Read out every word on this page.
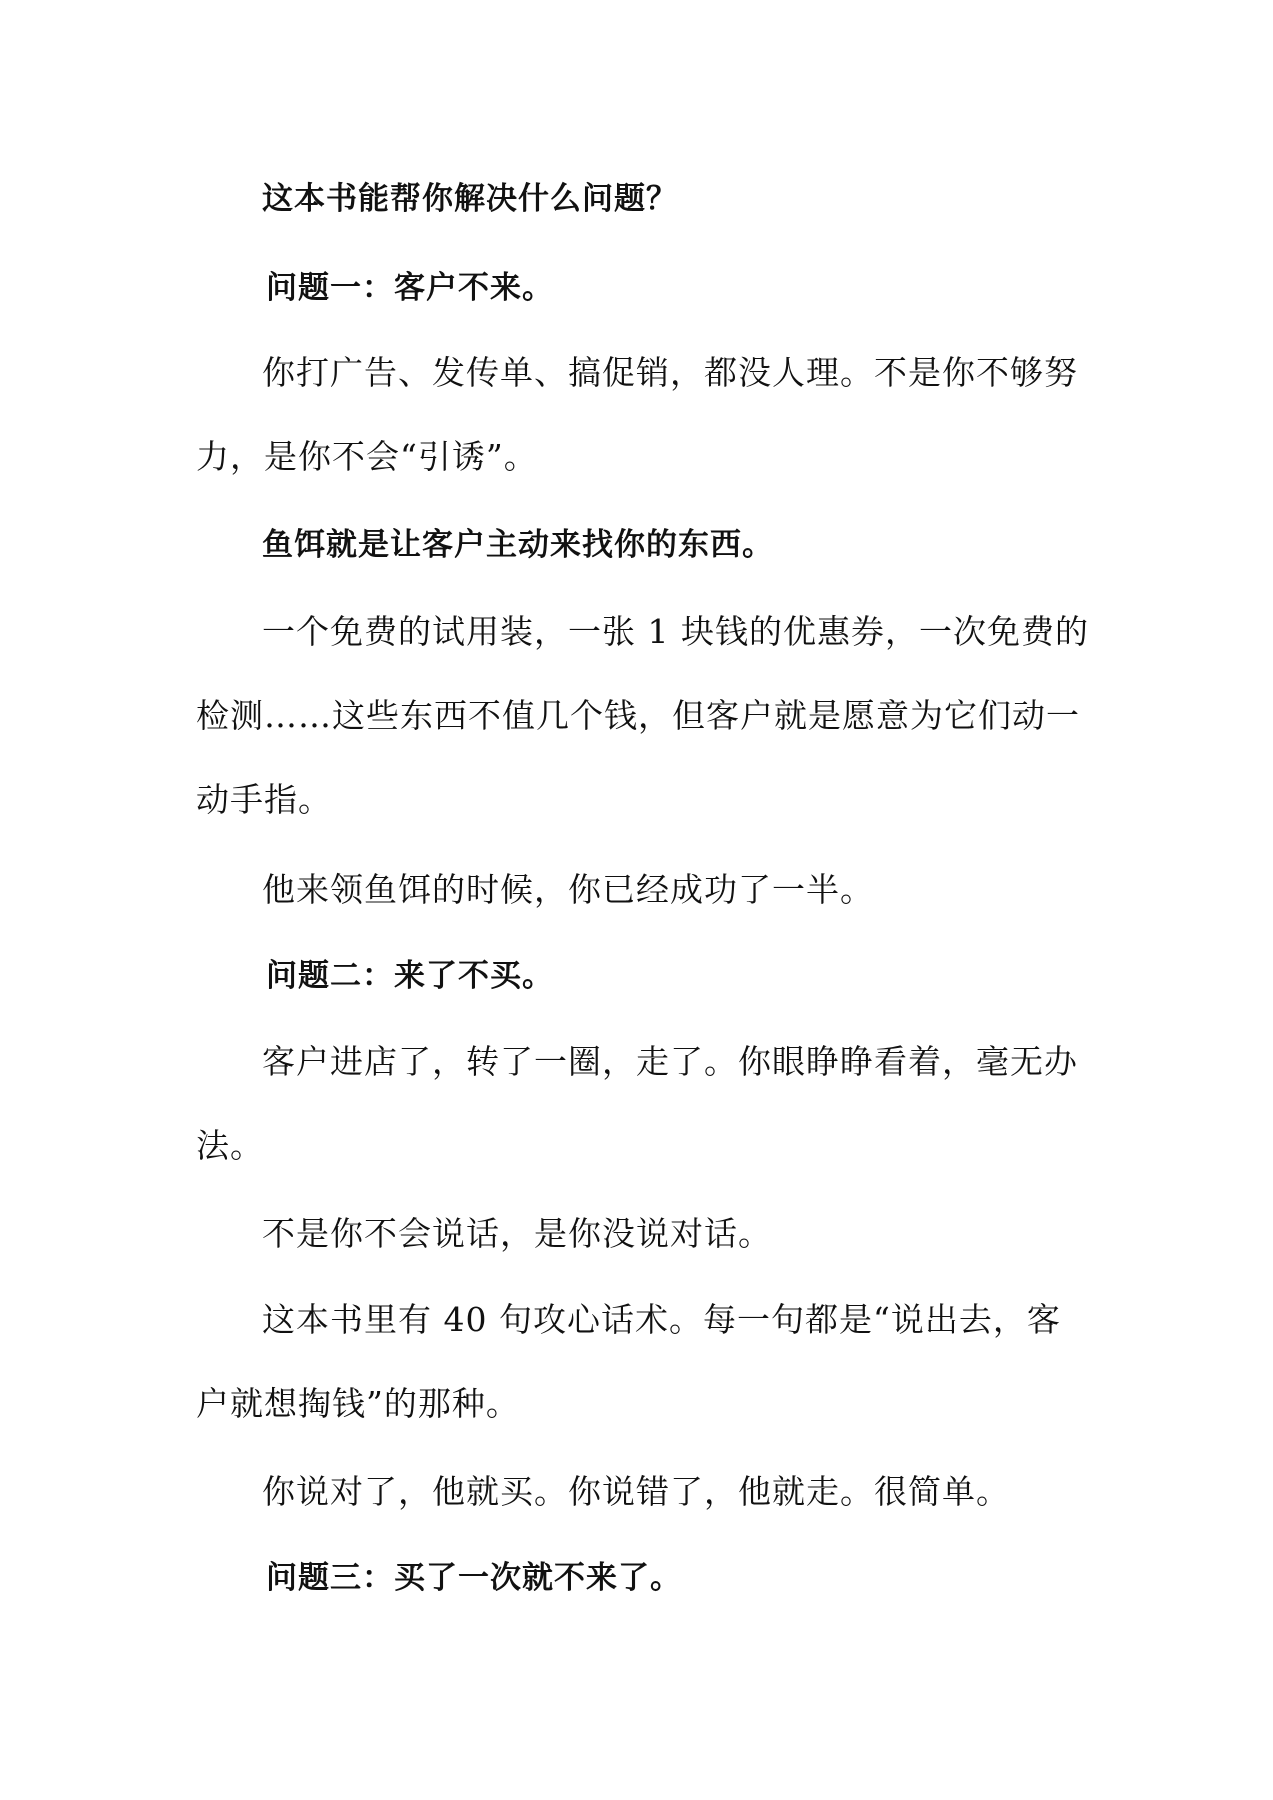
这本书能帮你解决什么问题？

问题一：客户不来。

你打广告、发传单、搞促销，都没人理。不是你不够努
力，是你不会“引诱”。

鱼饵就是让客户主动来找你的东西。

一个免费的试用装，一张 1 块钱的优惠券，一次免费的
检测……这些东西不值几个钱，但客户就是愿意为它们动一
动手指。

他来领鱼饵的时候，你已经成功了一半。

问题二：来了不买。

客户进店了，转了一圈，走了。你眼睁睁看着，毫无办
法。

不是你不会说话，是你没说对话。

这本书里有 40 句攻心话术。每一句都是“说出去，客
户就想掏钱”的那种。

你说对了，他就买。你说错了，他就走。很简单。

问题三：买了一次就不来了。
